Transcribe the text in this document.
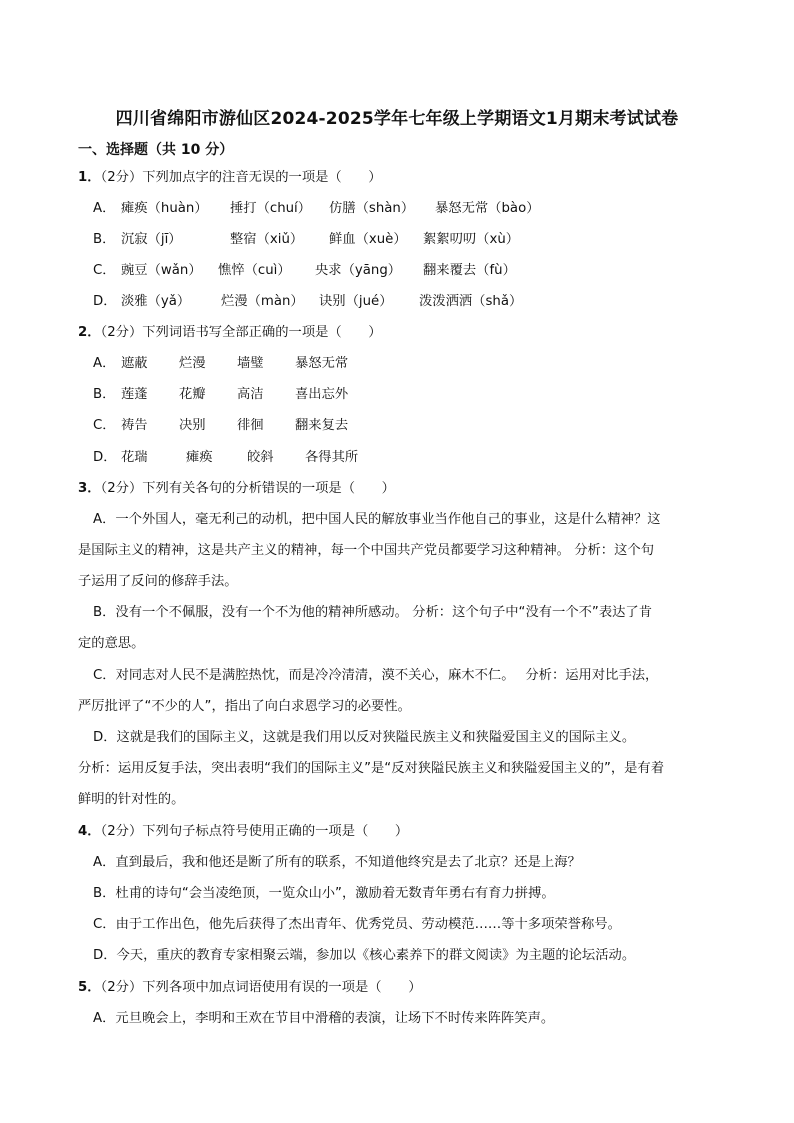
四川省绵阳市游仙区2024-2025学年七年级上学期语文1月期末考试试卷
一、选择题（共 10 分）
1．（2分）下列加点字的注音无误的一项是（　　）
A． 瘫痪（huàn） 捶打（chuí） 仿膳（shàn） 暴怒无常（bào）
B． 沉寂（jī）	整宿（xiǔ） 鲜血（xuè） 絮絮叨叨（xù）
C． 豌豆（wǎn） 憔悴（cuì） 央求（yāng） 翻来覆去（fù）
D． 淡雅（yǎ） 烂漫（màn） 诀别（jué） 泼泼洒洒（shǎ）
2．（2分）下列词语书写全部正确的一项是（　　）
A． 遮蔽 烂漫 墙璧 暴怒无常
B． 莲蓬 花瓣 高洁 喜出忘外
C． 祷告 决别 徘徊 翻来复去
D． 花瑞	瘫痪	皎斜 各得其所
3．（2分）下列有关各句的分析错误的一项是（　　）
A．一个外国人，毫无利己的动机，把中国人民的解放事业当作他自己的事业，这是什么精神？这
是国际主义的精神，这是共产主义的精神，每一个中国共产党员都要学习这种精神。 分析：这个句
子运用了反问的修辞手法。
B．没有一个不佩服，没有一个不为他的精神所感动。 分析：这个句子中“没有一个不”表达了肯
定的意思。
C．对同志对人民不是满腔热忱，而是冷冷清清，漠不关心，麻木不仁。　 分析：运用对比手法，
严厉批评了“不少的人”，指出了向白求恩学习的必要性。
D．这就是我们的国际主义，这就是我们用以反对狭隘民族主义和狭隘爱国主义的国际主义。
分析：运用反复手法，突出表明“我们的国际主义”是“反对狭隘民族主义和狭隘爱国主义的”，是有着
鲜明的针对性的。
4．（2分）下列句子标点符号使用正确的一项是（　　）
A．直到最后，我和他还是断了所有的联系，不知道他终究是去了北京？还是上海？
B．杜甫的诗句“会当凌绝顶，一览众山小”，激励着无数青年勇右有育力拼搏。
C．由于工作出色，他先后获得了杰出青年、优秀党员、劳动模范……等十多项荣誉称号。
D．今天，重庆的教育专家相聚云端，参加以《核心素养下的群文阅读》为主题的论坛活动。
5．（2分）下列各项中加点词语使用有误的一项是（　　）
A．元旦晚会上，李明和王欢在节目中滑稽的表演，让场下不时传来阵阵笑声。
